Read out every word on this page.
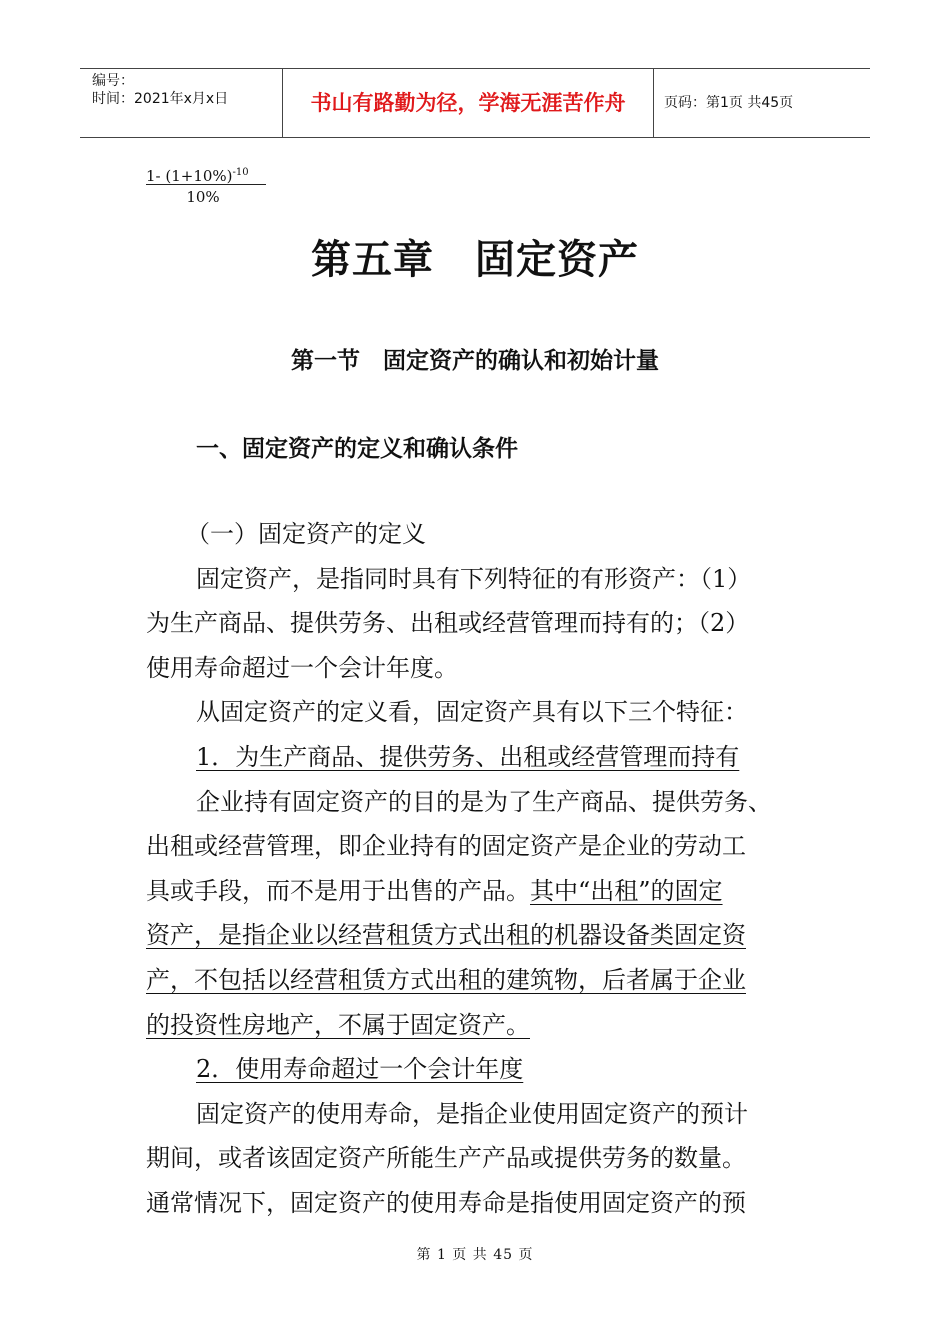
编号：
时间：2021年x月x日	书山有路勤为径，学海无涯苦作舟	页码：第1页 共45页
$\frac{1- (1+10\%)^{-10}}{10\%}$
第五章　固定资产
第一节　固定资产的确认和初始计量
一、固定资产的定义和确认条件
（一）固定资产的定义
固定资产，是指同时具有下列特征的有形资产：（1）
为生产商品、提供劳务、出租或经营管理而持有的；（2）
使用寿命超过一个会计年度。
从固定资产的定义看，固定资产具有以下三个特征：
1．为生产商品、提供劳务、出租或经营管理而持有
企业持有固定资产的目的是为了生产商品、提供劳务、
出租或经营管理，即企业持有的固定资产是企业的劳动工
具或手段，而不是用于出售的产品。其中“出租”的固定
资产，是指企业以经营租赁方式出租的机器设备类固定资
产，不包括以经营租赁方式出租的建筑物，后者属于企业
的投资性房地产，不属于固定资产。
2．使用寿命超过一个会计年度
固定资产的使用寿命，是指企业使用固定资产的预计
期间，或者该固定资产所能生产产品或提供劳务的数量。
通常情况下，固定资产的使用寿命是指使用固定资产的预
第 1 页 共 45 页
